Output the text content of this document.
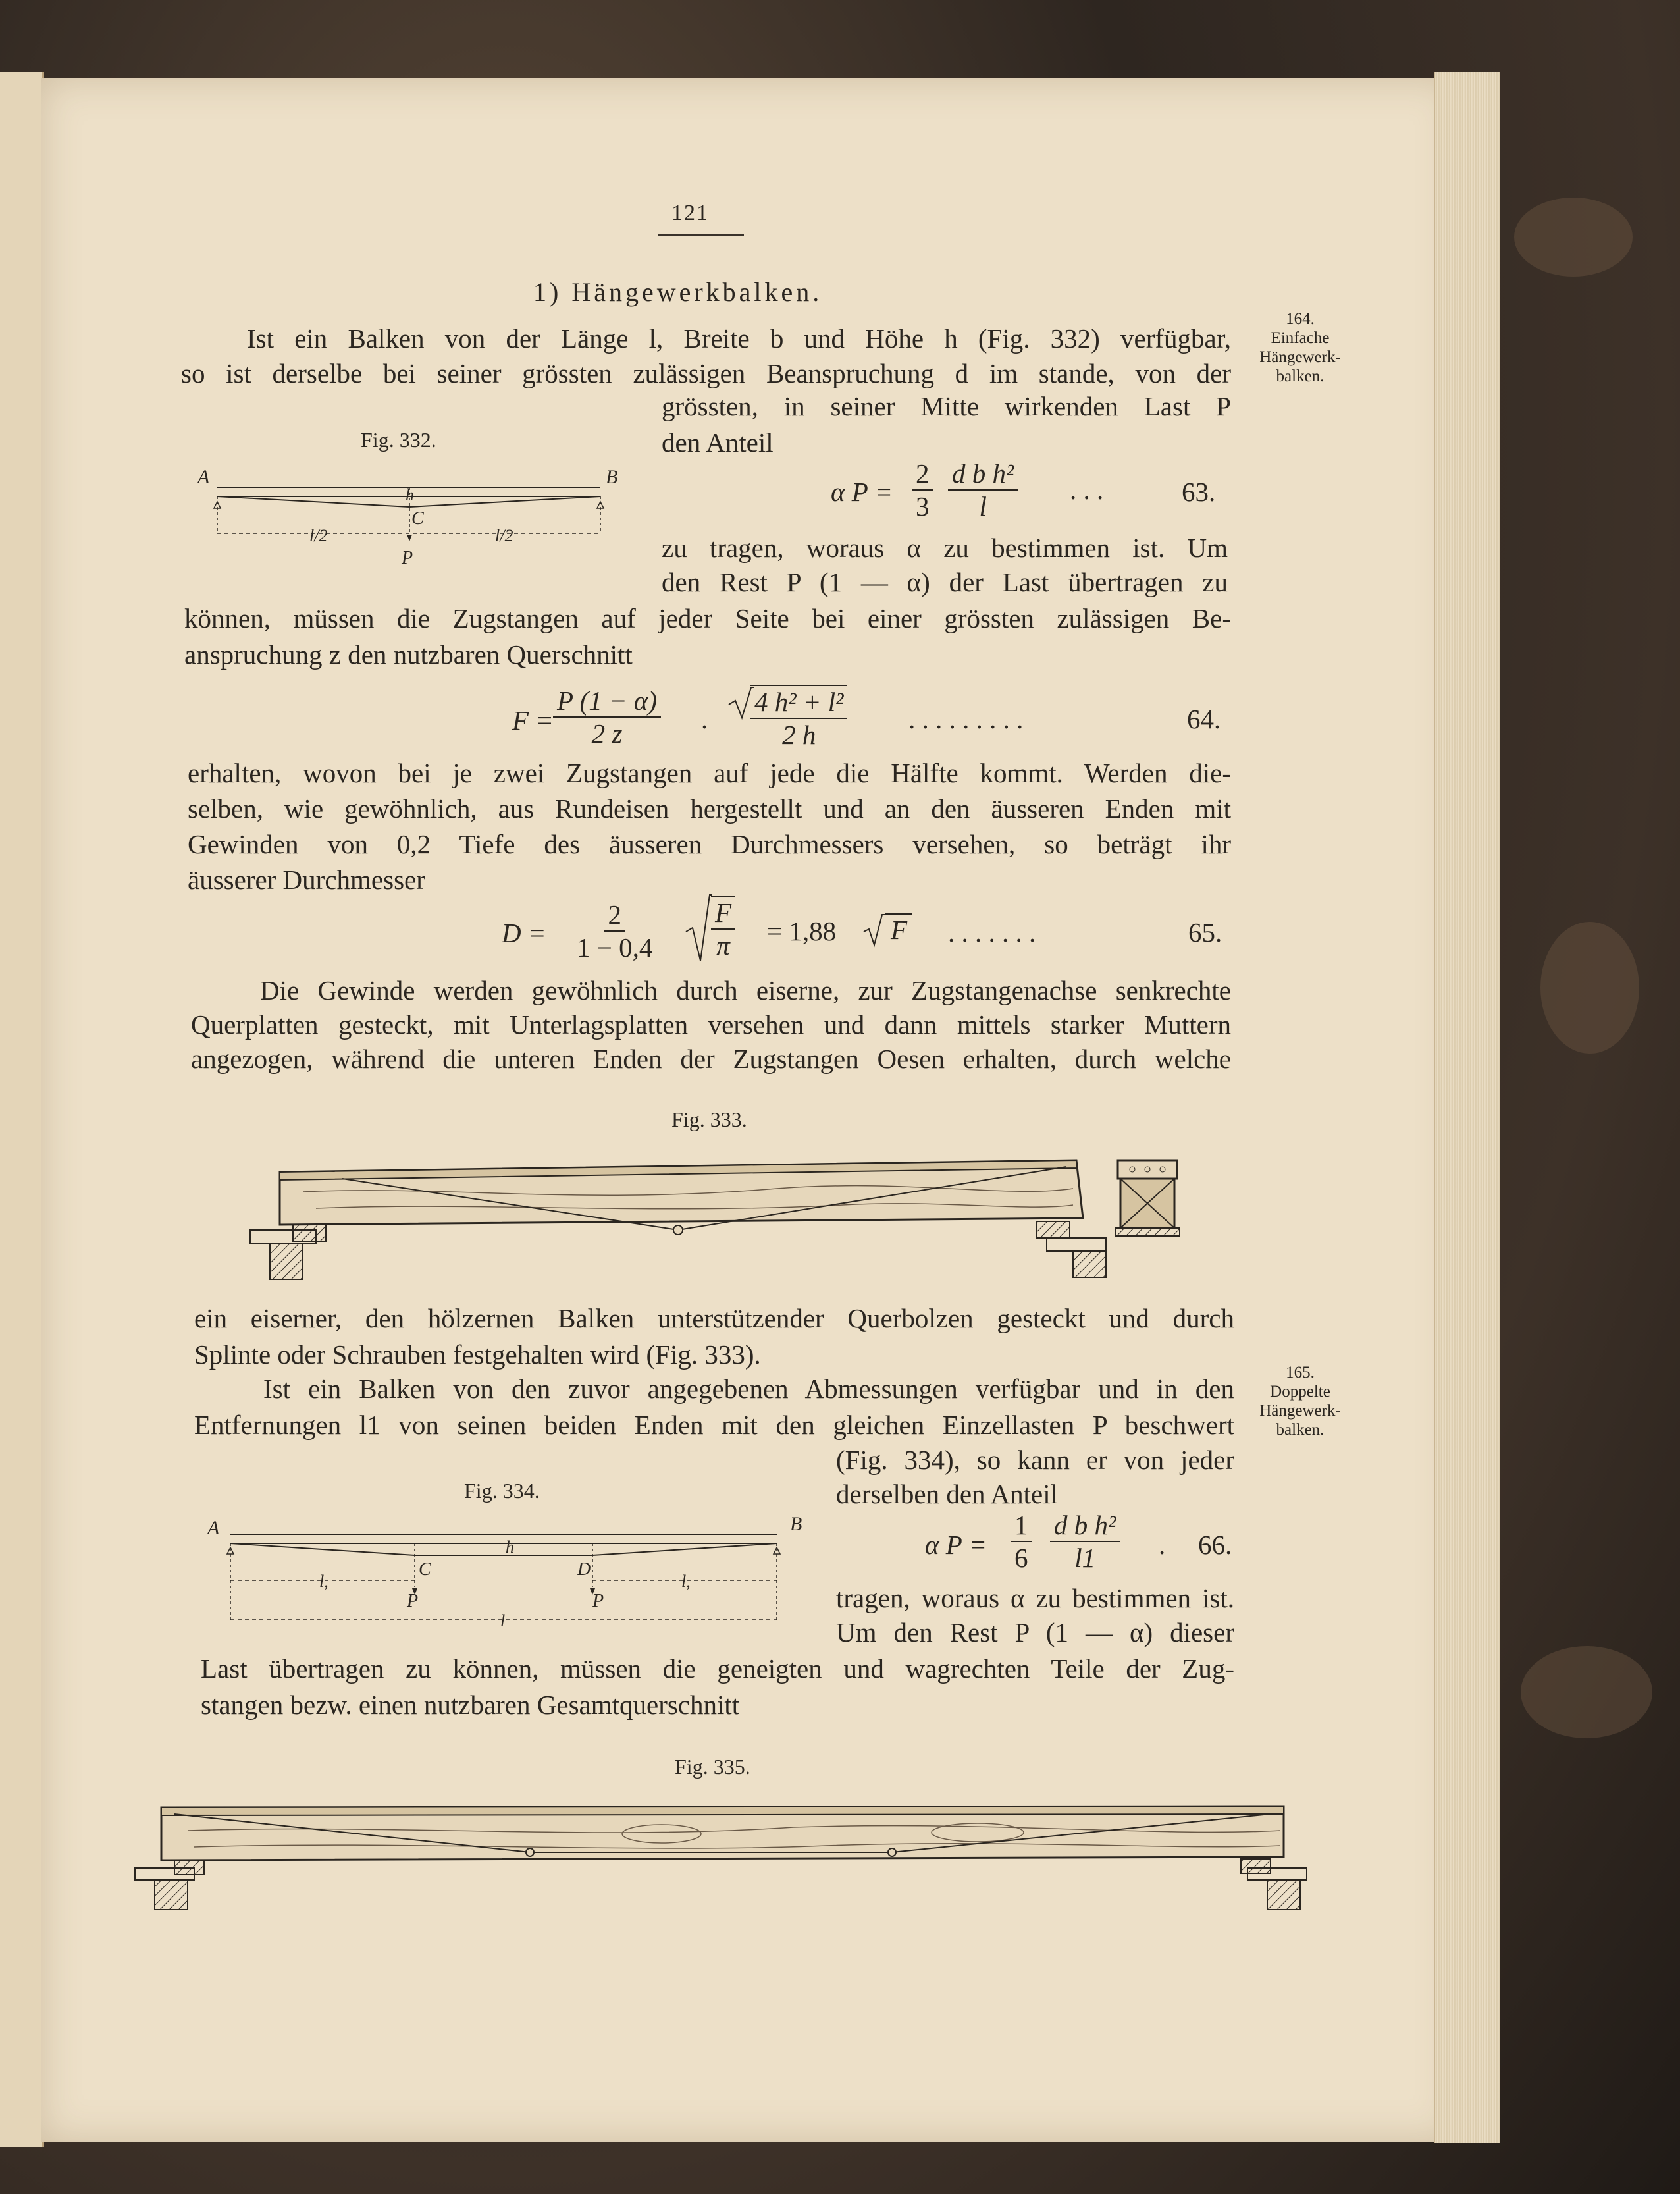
121
1) Hängewerkbalken.
164.
Einfache
Hängewerk-
balken.
165.
Doppelte
Hängewerk-
balken.
Ist ein Balken von der Länge l, Breite b und Höhe h (Fig. 332) verfügbar,
so ist derselbe bei seiner grössten zulässigen Beanspruchung d im stande, von der
grössten, in seiner Mitte wirkenden Last P
den Anteil
Fig. 332.
A	B
h
C
l/2	l/2
P
α $P = \frac{2}{3} \frac{\text{d b h²}}{l}$ . . .	63.
zu tragen, woraus α zu bestimmen ist. Um
den Rest P (1 — α) der Last übertragen zu
können, müssen die Zugstangen auf jeder Seite bei einer grössten zulässigen Be-
anspruchung z den nutzbaren Querschnitt
$F = \frac{P (1 - \alpha)}{2 z}$ . $\frac{\text{4 h² + l²}}{2 h}$ . . . . . . . . .	64.
erhalten, wovon bei je zwei Zugstangen auf jede die Hälfte kommt. Werden die-
selben, wie gewöhnlich, aus Rundeisen hergestellt und an den äusseren Enden mit
Gewinden von 0,2 Tiefe des äusseren Durchmessers versehen, so beträgt ihr
äusserer Durchmesser
$D = \frac{2}{1 - 0,4} \frac{F}{\pi} = 1,88$ F . . . . . . .	65.
Die Gewinde werden gewöhnlich durch eiserne, zur Zugstangenachse senkrechte
Querplatten gesteckt, mit Unterlagsplatten versehen und dann mittels starker Muttern
angezogen, während die unteren Enden der Zugstangen Oesen erhalten, durch welche
Fig. 333.
ein eiserner, den hölzernen Balken unterstützender Querbolzen gesteckt und durch
Splinte oder Schrauben festgehalten wird (Fig. 333).
Ist ein Balken von den zuvor angegebenen Abmessungen verfügbar und in den
Entfernungen l1 von seinen beiden Enden mit den gleichen Einzellasten P beschwert
(Fig. 334), so kann er von jeder
derselben den Anteil
Fig. 334.
A	B
h
C	D
l,	l,
l
P	P
α $P = \frac{1}{6} \frac{\text{d b h²}}{l1}$ . 66.
tragen, woraus α zu bestimmen ist.
Um den Rest P (1 — α) dieser
Last übertragen zu können, müssen die geneigten und wagrechten Teile der Zug-
stangen bezw. einen nutzbaren Gesamtquerschnitt
Fig. 335.
